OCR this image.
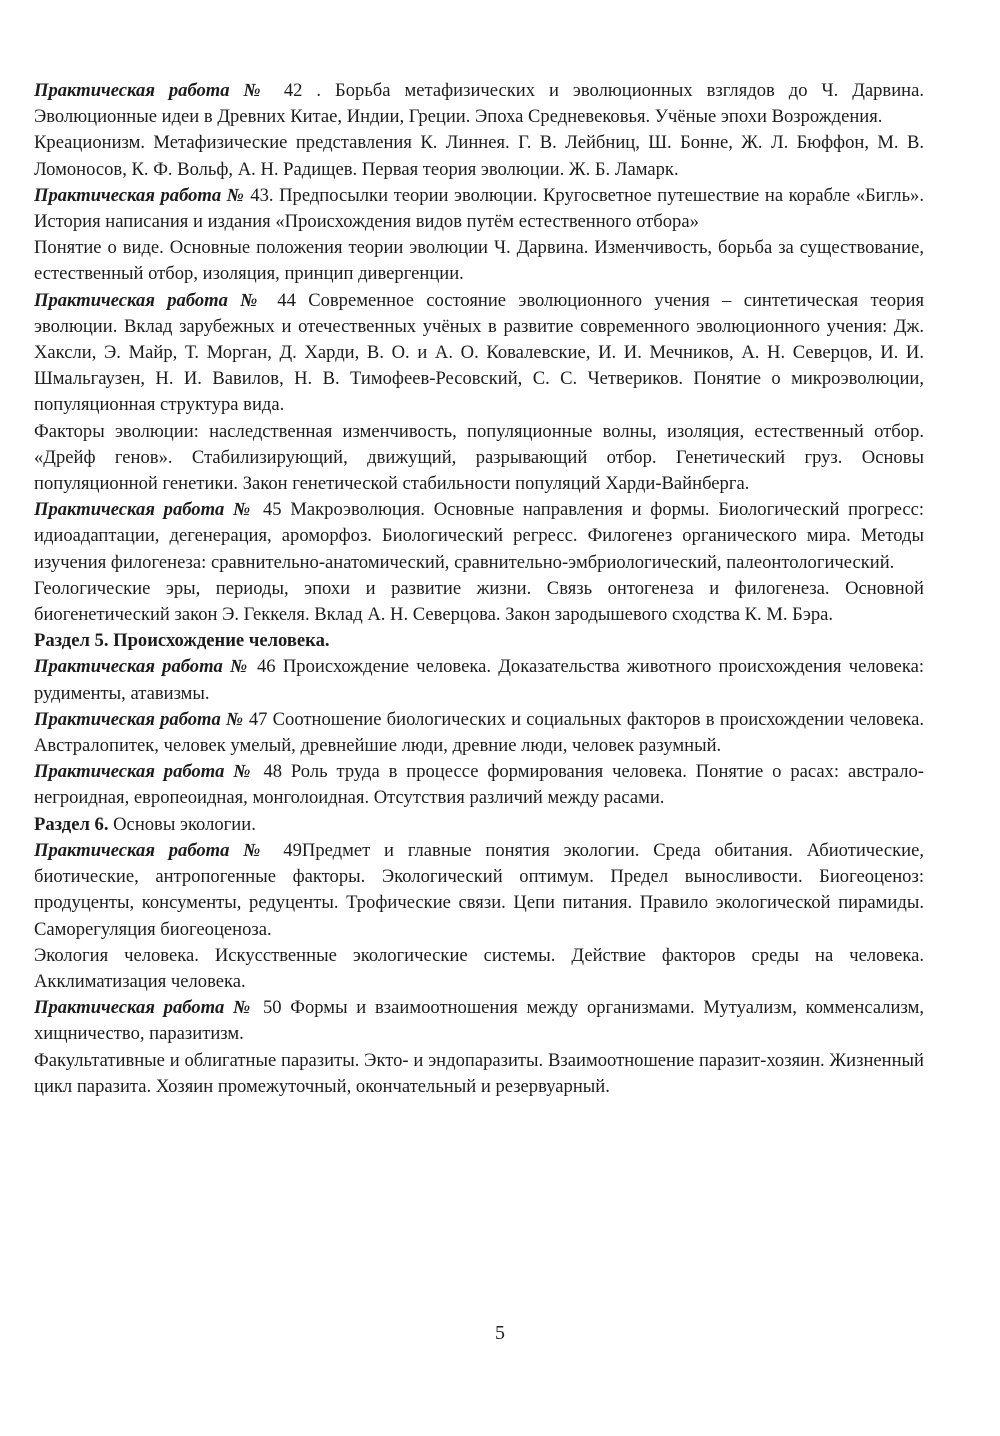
Практическая работа № 42 . Борьба метафизических и эволюционных взглядов до Ч. Дарвина. Эволюционные идеи в Древних Китае, Индии, Греции. Эпоха Средневековья. Учёные эпохи Возрождения.

Креационизм. Метафизические представления К. Линнея. Г. В. Лейбниц, Ш. Бонне, Ж. Л. Бюффон, М. В. Ломоносов, К. Ф. Вольф, А. Н. Радищев. Первая теория эволюции. Ж. Б. Ламарк.

Практическая работа № 43. Предпосылки теории эволюции. Кругосветное путешествие на корабле «Бигль». История написания и издания «Происхождения видов путём естественного отбора»

Понятие о виде. Основные положения теории эволюции Ч. Дарвина. Изменчивость, борьба за существование, естественный отбор, изоляция, принцип дивергенции.

Практическая работа № 44 Современное состояние эволюционного учения – синтетическая теория эволюции. Вклад зарубежных и отечественных учёных в развитие современного эволюционного учения: Дж. Хаксли, Э. Майр, Т. Морган, Д. Харди, В. О. и А. О. Ковалевские, И. И. Мечников, А. Н. Северцов, И. И. Шмальгаузен, Н. И. Вавилов, Н. В. Тимофеев-Ресовский, С. С. Четвериков. Понятие о микроэволюции, популяционная структура вида.

Факторы эволюции: наследственная изменчивость, популяционные волны, изоляция, естественный отбор. «Дрейф генов». Стабилизирующий, движущий, разрывающий отбор. Генетический груз. Основы популяционной генетики. Закон генетической стабильности популяций Харди-Вайнберга.

Практическая работа № 45 Макроэволюция. Основные направления и формы. Биологический прогресс: идиоадаптации, дегенерация, ароморфоз. Биологический регресс. Филогенез органического мира. Методы изучения филогенеза: сравнительно-анатомический, сравнительно-эмбриологический, палеонтологический.

Геологические эры, периоды, эпохи и развитие жизни. Связь онтогенеза и филогенеза. Основной биогенетический закон Э. Геккеля. Вклад А. Н. Северцова. Закон зародышевого сходства К. М. Бэра.

Раздел 5. Происхождение человека.

Практическая работа № 46 Происхождение человека. Доказательства животного происхождения человека: рудименты, атавизмы.

Практическая работа № 47 Соотношение биологических и социальных факторов в происхождении человека. Австралопитек, человек умелый, древнейшие люди, древние люди, человек разумный.

Практическая работа № 48 Роль труда в процессе формирования человека. Понятие о расах: австрало-негроидная, европеоидная, монголоидная. Отсутствия различий между расами.

Раздел 6. Основы экологии.

Практическая работа № 49Предмет и главные понятия экологии. Среда обитания. Абиотические, биотические, антропогенные факторы. Экологический оптимум. Предел выносливости. Биогеоценоз: продуценты, консументы, редуценты. Трофические связи. Цепи питания. Правило экологической пирамиды. Саморегуляция биогеоценоза.

Экология человека. Искусственные экологические системы. Действие факторов среды на человека. Акклиматизация человека.

Практическая работа № 50 Формы и взаимоотношения между организмами. Мутуализм, комменсализм, хищничество, паразитизм.

Факультативные и облигатные паразиты. Экто- и эндопаразиты. Взаимоотношение паразит-хозяин. Жизненный цикл паразита. Хозяин промежуточный, окончательный и резервуарный.

5
